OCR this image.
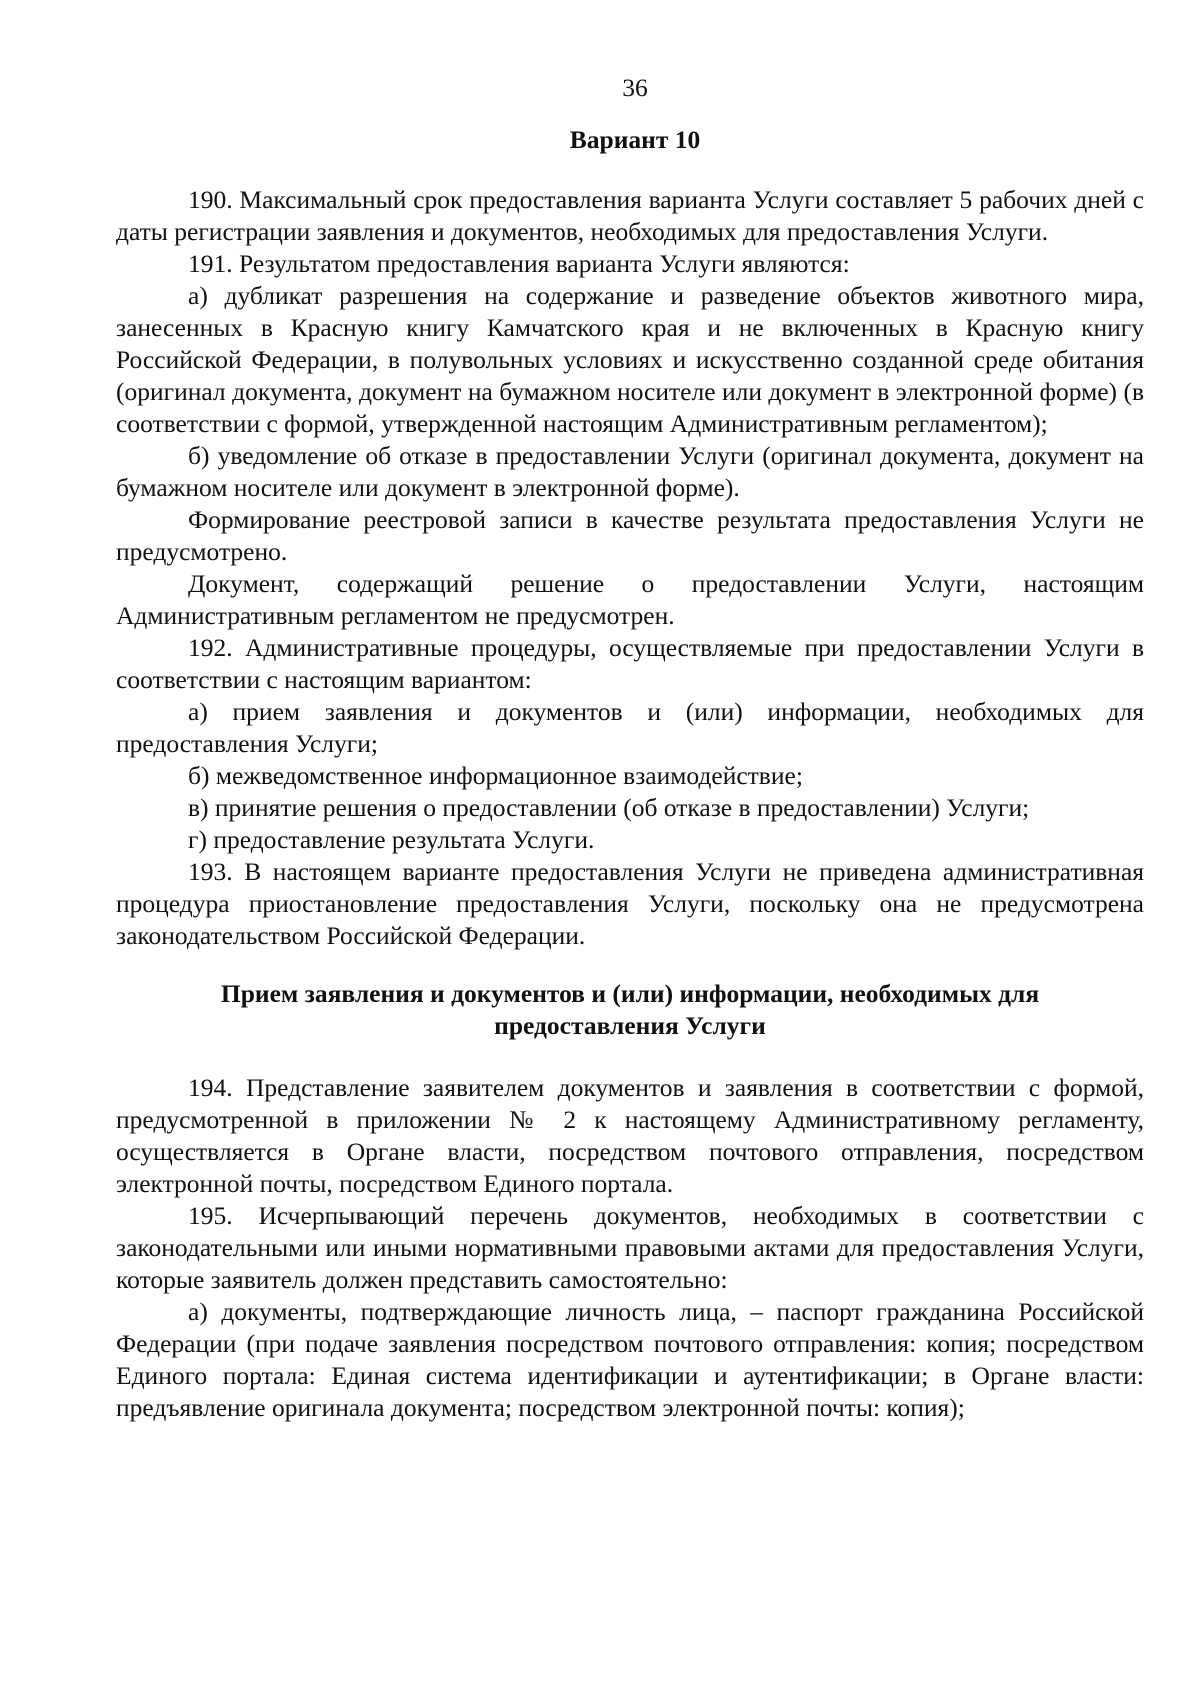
36
Вариант 10

190. Максимальный срок предоставления варианта Услуги составляет 5 рабочих дней с даты регистрации заявления и документов, необходимых для предоставления Услуги.

191. Результатом предоставления варианта Услуги являются:

а) дубликат разрешения на содержание и разведение объектов животного мира, занесенных в Красную книгу Камчатского края и не включенных в Красную книгу Российской Федерации, в полувольных условиях и искусственно созданной среде обитания (оригинал документа, документ на бумажном носителе или документ в электронной форме) (в соответствии с формой, утвержденной настоящим Административным регламентом);

б) уведомление об отказе в предоставлении Услуги (оригинал документа, документ на бумажном носителе или документ в электронной форме).

Формирование реестровой записи в качестве результата предоставления Услуги не предусмотрено.

Документ, содержащий решение о предоставлении Услуги, настоящим Административным регламентом не предусмотрен.

192. Административные процедуры, осуществляемые при предоставлении Услуги в соответствии с настоящим вариантом:

а) прием заявления и документов и (или) информации, необходимых для предоставления Услуги;

б) межведомственное информационное взаимодействие;

в) принятие решения о предоставлении (об отказе в предоставлении) Услуги;

г) предоставление результата Услуги.

193. В настоящем варианте предоставления Услуги не приведена административная процедура приостановление предоставления Услуги, поскольку она не предусмотрена законодательством Российской Федерации.

Прием заявления и документов и (или) информации, необходимых для
предоставления Услуги

194. Представление заявителем документов и заявления в соответствии с формой, предусмотренной в приложении № 2 к настоящему Административному регламенту, осуществляется в Органе власти, посредством почтового отправления, посредством электронной почты, посредством Единого портала.

195. Исчерпывающий перечень документов, необходимых в соответствии с законодательными или иными нормативными правовыми актами для предоставления Услуги, которые заявитель должен представить самостоятельно:

а) документы, подтверждающие личность лица, – паспорт гражданина Российской Федерации (при подаче заявления посредством почтового отправления: копия; посредством Единого портала: Единая система идентификации и аутентификации; в Органе власти: предъявление оригинала документа; посредством электронной почты: копия);
